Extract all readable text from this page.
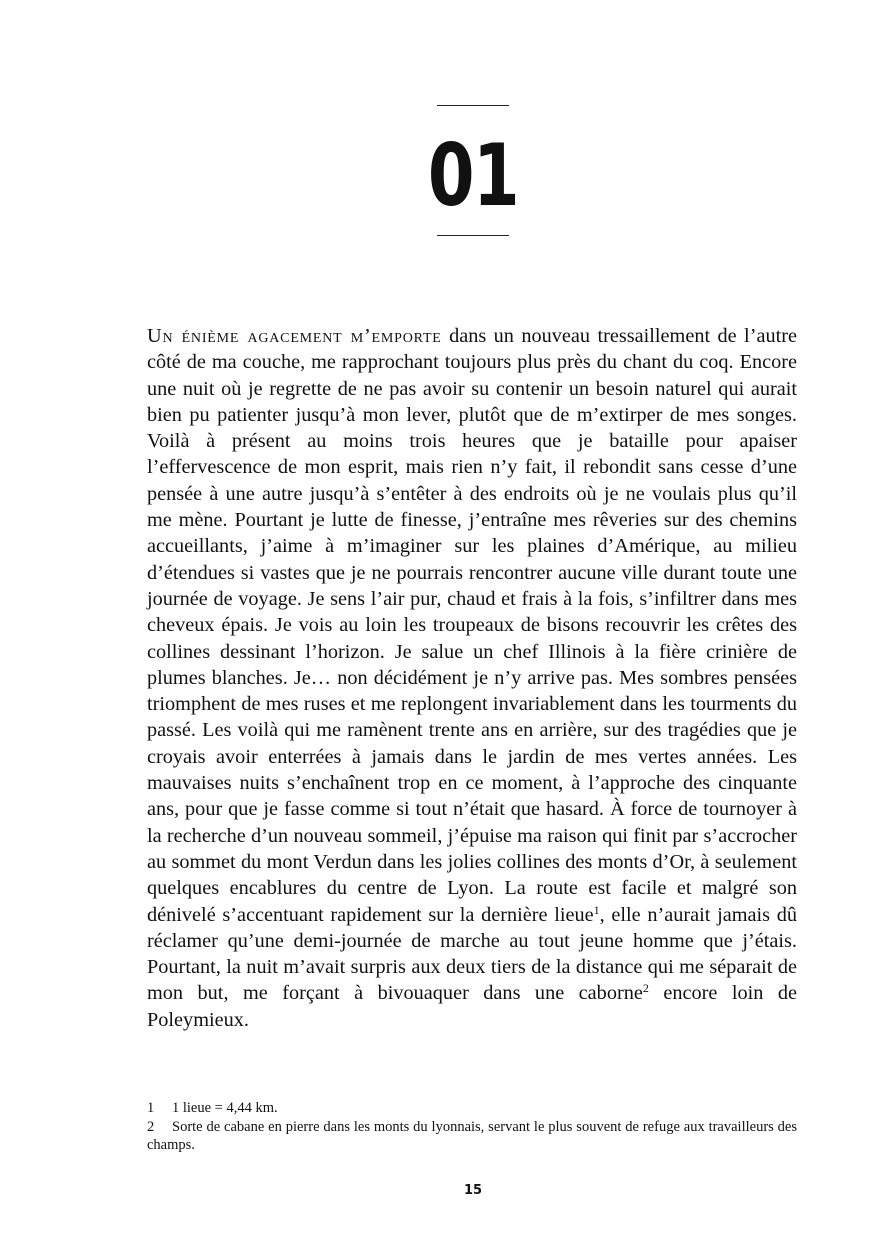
01

Un énième agacement m’emporte dans un nouveau tressaillement de l’autre côté de ma couche, me rapprochant toujours plus près du chant du coq. Encore une nuit où je regrette de ne pas avoir su contenir un besoin naturel qui aurait bien pu patienter jusqu’à mon lever, plutôt que de m’extirper de mes songes. Voilà à présent au moins trois heures que je bataille pour apaiser l’effervescence de mon esprit, mais rien n’y fait, il rebondit sans cesse d’une pensée à une autre jusqu’à s’entêter à des endroits où je ne voulais plus qu’il me mène. Pourtant je lutte de finesse, j’entraîne mes rêveries sur des chemins accueillants, j’aime à m’imaginer sur les plaines d’Amérique, au milieu d’étendues si vastes que je ne pourrais rencontrer aucune ville durant toute une journée de voyage. Je sens l’air pur, chaud et frais à la fois, s’infiltrer dans mes cheveux épais. Je vois au loin les troupeaux de bisons recouvrir les crêtes des collines dessinant l’horizon. Je salue un chef Illinois à la fière crinière de plumes blanches. Je… non décidément je n’y arrive pas. Mes sombres pensées triomphent de mes ruses et me replongent invariablement dans les tourments du passé. Les voilà qui me ramènent trente ans en arrière, sur des tragédies que je croyais avoir enterrées à jamais dans le jardin de mes vertes années. Les mauvaises nuits s’enchaînent trop en ce moment, à l’approche des cinquante ans, pour que je fasse comme si tout n’était que hasard. À force de tournoyer à la recherche d’un nouveau sommeil, j’épuise ma raison qui finit par s’accrocher au sommet du mont Verdun dans les jolies collines des monts d’Or, à seulement quelques encablures du centre de Lyon. La route est facile et malgré son dénivelé s’accentuant rapidement sur la dernière lieue$^1$, elle n’aurait jamais dû réclamer qu’une demi-journée de marche au tout jeune homme que j’étais. Pourtant, la nuit m’avait surpris aux deux tiers de la distance qui me séparait de mon but, me forçant à bivouaquer dans une caborne$^2$ encore loin de Poleymieux.

1 1 lieue = 4,44 km.

2 Sorte de cabane en pierre dans les monts du lyonnais, servant le plus souvent de refuge aux travailleurs des champs.

15
